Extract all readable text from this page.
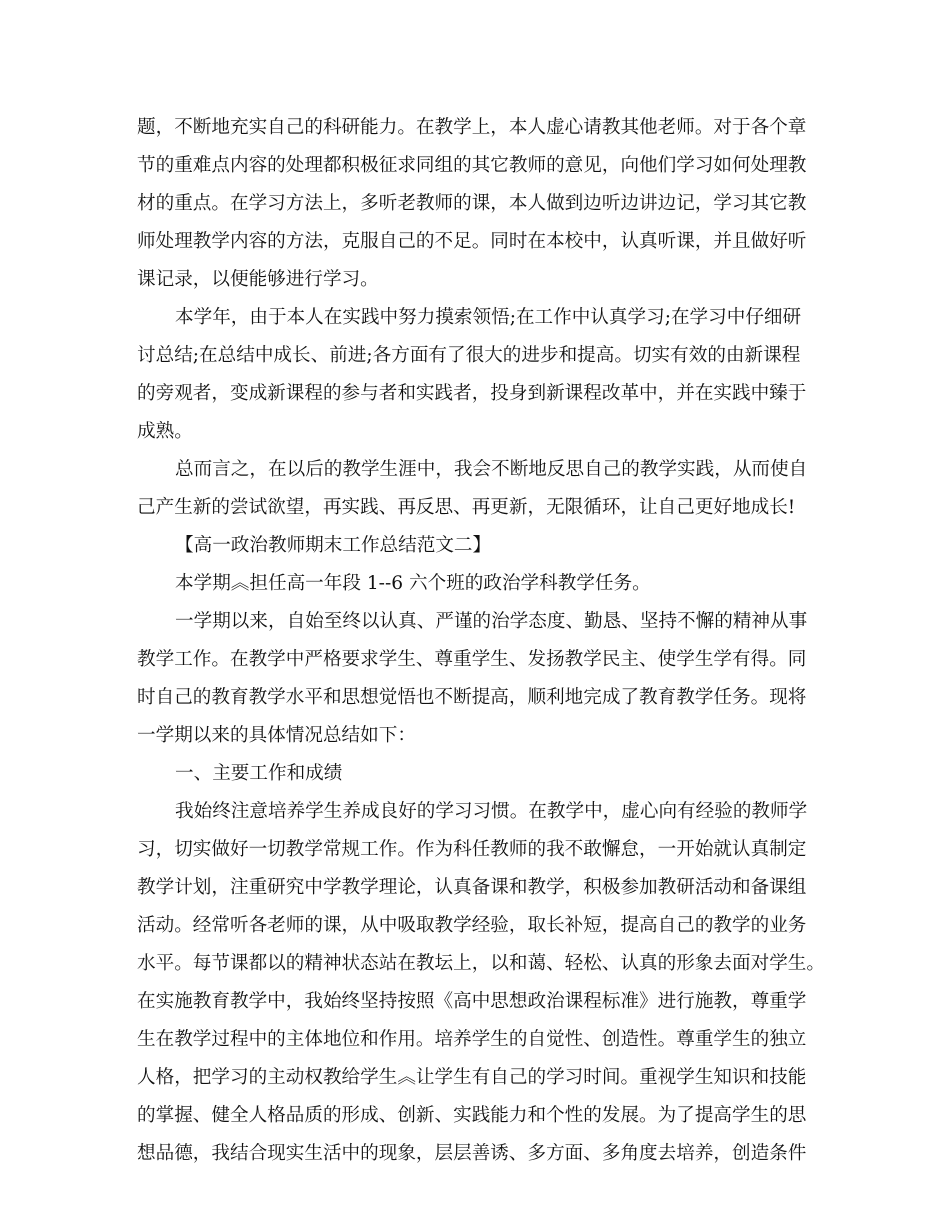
题，不断地充实自己的科研能力。在教学上，本人虚心请教其他老师。对于各个章
节的重难点内容的处理都积极征求同组的其它教师的意见，向他们学习如何处理教
材的重点。在学习方法上，多听老教师的课，本人做到边听边讲边记，学习其它教
师处理教学内容的方法，克服自己的不足。同时在本校中，认真听课，并且做好听
课记录，以便能够进行学习。
本学年，由于本人在实践中努力摸索领悟;在工作中认真学习;在学习中仔细研
讨总结;在总结中成长、前进;各方面有了很大的进步和提高。切实有效的由新课程
的旁观者，变成新课程的参与者和实践者，投身到新课程改革中，并在实践中臻于
成熟。
总而言之，在以后的教学生涯中，我会不断地反思自己的教学实践，从而使自
己产生新的尝试欲望，再实践、再反思、再更新，无限循环，让自己更好地成长!
【高一政治教师期末工作总结范文二】
本学期︽担任高一年段 1--6 六个班的政治学科教学任务。
一学期以来，自始至终以认真、严谨的治学态度、勤恳、坚持不懈的精神从事
教学工作。在教学中严格要求学生、尊重学生、发扬教学民主、使学生学有得。同
时自己的教育教学水平和思想觉悟也不断提高，顺利地完成了教育教学任务。现将
一学期以来的具体情况总结如下：
一、主要工作和成绩
我始终注意培养学生养成良好的学习习惯。在教学中，虚心向有经验的教师学
习，切实做好一切教学常规工作。作为科任教师的我不敢懈怠，一开始就认真制定
教学计划，注重研究中学教学理论，认真备课和教学，积极参加教研活动和备课组
活动。经常听各老师的课，从中吸取教学经验，取长补短，提高自己的教学的业务
水平。每节课都以的精神状态站在教坛上，以和蔼、轻松、认真的形象去面对学生。
在实施教育教学中，我始终坚持按照《高中思想政治课程标准》进行施教，尊重学
生在教学过程中的主体地位和作用。培养学生的自觉性、创造性。尊重学生的独立
人格，把学习的主动权教给学生︽让学生有自己的学习时间。重视学生知识和技能
的掌握、健全人格品质的形成、创新、实践能力和个性的发展。为了提高学生的思
想品德，我结合现实生活中的现象，层层善诱、多方面、多角度去培养，创造条件
